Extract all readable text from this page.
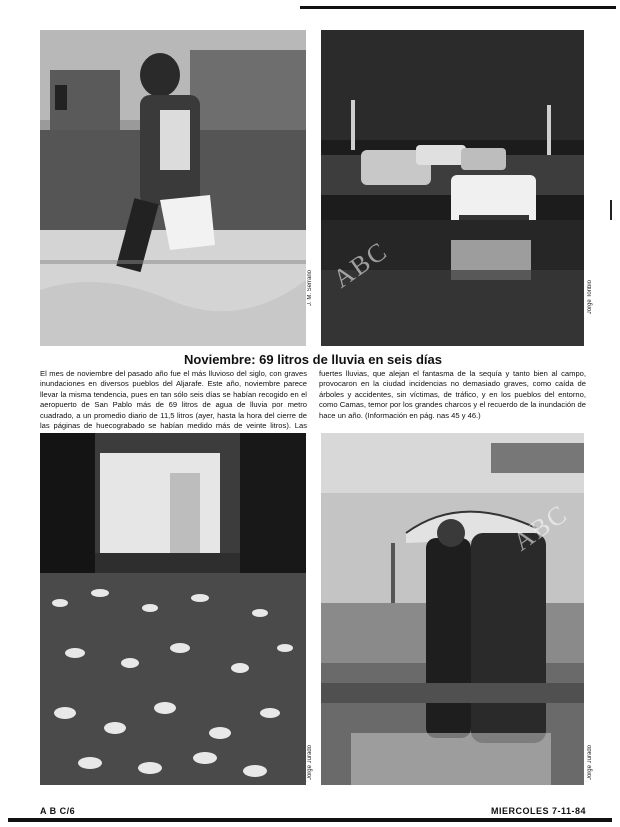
J. M. Serrano ABC
Jorge Toribio
Noviembre: 69 litros de lluvia en seis días

El mes de noviembre del pasado año fue el más lluvioso del siglo, con graves inundaciones en diversos pueblos del Aljarafe. Este año, noviembre parece llevar la misma tendencia, pues en tan sólo seis días se habían recogido en el aeropuerto de San Pablo más de 69 litros de agua de lluvia por metro cuadrado, a un promedio diario de 11,5 litros (ayer, hasta la hora del cierre de las páginas de huecograbado se habían medido más de veinte litros). Las fuertes lluvias, que alejan el fantasma de la sequía y tanto bien al campo, provocaron en la ciudad incidencias no demasiado graves, como caída de árboles y accidentes, sin víctimas, de tráfico, y en los pueblos del entorno, como Camas, temor por los grandes charcos y el recuerdo de la inundación de hace un año. (Información en pág. nas 45 y 46.)

Jorge Jurado
ABC
Jorge Jurado
A B C/6	MIERCOLES 7-11-84
